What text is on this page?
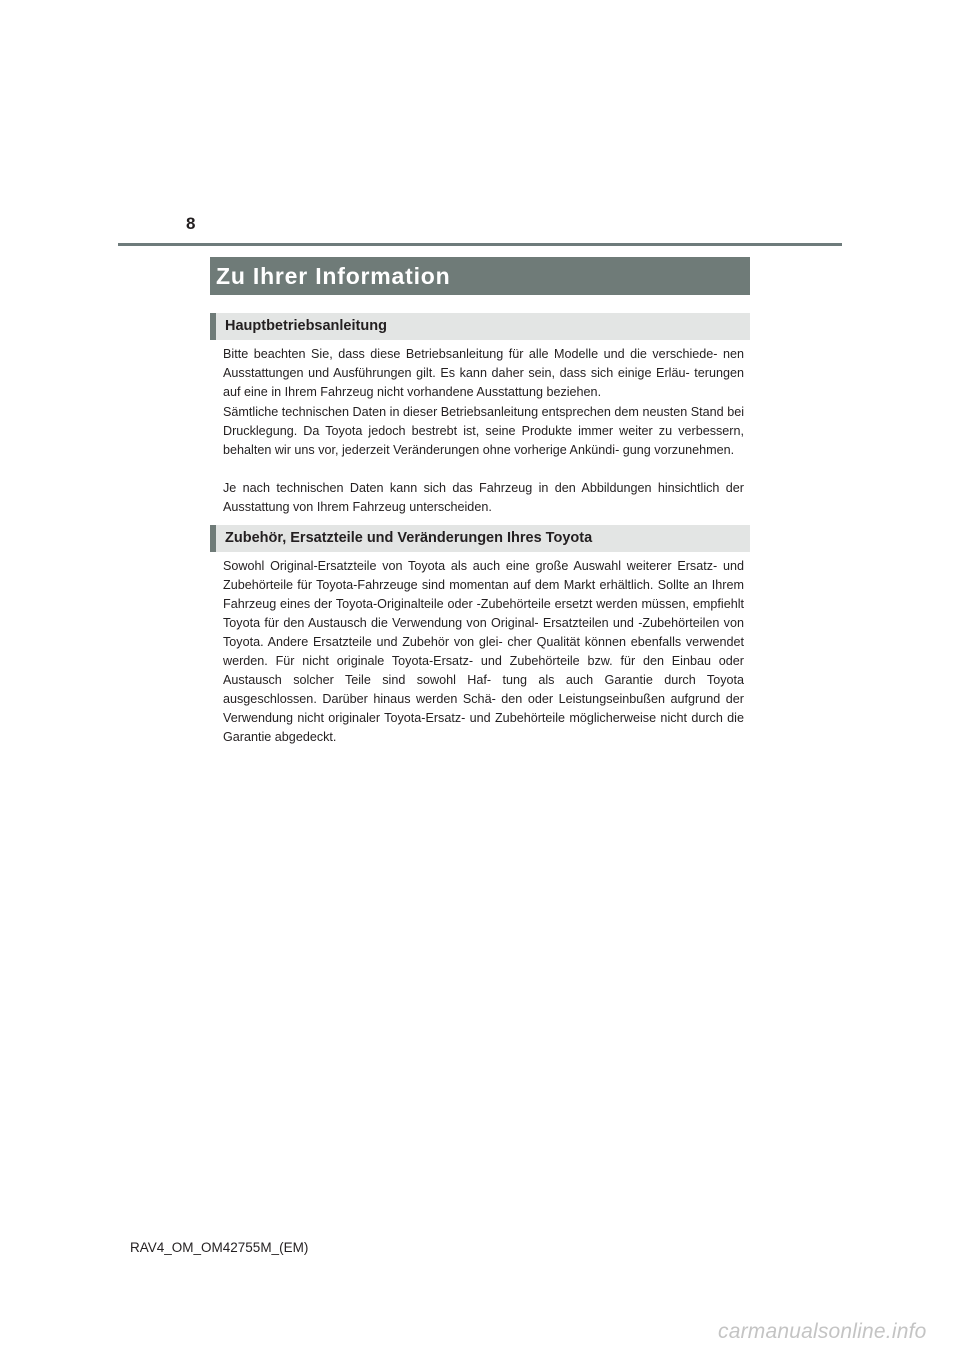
8
Zu Ihrer Information
Hauptbetriebsanleitung

Bitte beachten Sie, dass diese Betriebsanleitung für alle Modelle und die verschiede- nen Ausstattungen und Ausführungen gilt. Es kann daher sein, dass sich einige Erläu- terungen auf eine in Ihrem Fahrzeug nicht vorhandene Ausstattung beziehen.

Sämtliche technischen Daten in dieser Betriebsanleitung entsprechen dem neusten Stand bei Drucklegung. Da Toyota jedoch bestrebt ist, seine Produkte immer weiter zu verbessern, behalten wir uns vor, jederzeit Veränderungen ohne vorherige Ankündi- gung vorzunehmen.

Je nach technischen Daten kann sich das Fahrzeug in den Abbildungen hinsichtlich der Ausstattung von Ihrem Fahrzeug unterscheiden.

Zubehör, Ersatzteile und Veränderungen Ihres Toyota

Sowohl Original-Ersatzteile von Toyota als auch eine große Auswahl weiterer Ersatz- und Zubehörteile für Toyota-Fahrzeuge sind momentan auf dem Markt erhältlich. Sollte an Ihrem Fahrzeug eines der Toyota-Originalteile oder -Zubehörteile ersetzt werden müssen, empfiehlt Toyota für den Austausch die Verwendung von Original- Ersatzteilen und -Zubehörteilen von Toyota. Andere Ersatzteile und Zubehör von glei- cher Qualität können ebenfalls verwendet werden. Für nicht originale Toyota-Ersatz- und Zubehörteile bzw. für den Einbau oder Austausch solcher Teile sind sowohl Haf- tung als auch Garantie durch Toyota ausgeschlossen. Darüber hinaus werden Schä- den oder Leistungseinbußen aufgrund der Verwendung nicht originaler Toyota-Ersatz- und Zubehörteile möglicherweise nicht durch die Garantie abgedeckt.

RAV4_OM_OM42755M_(EM)
carmanualsonline.info
